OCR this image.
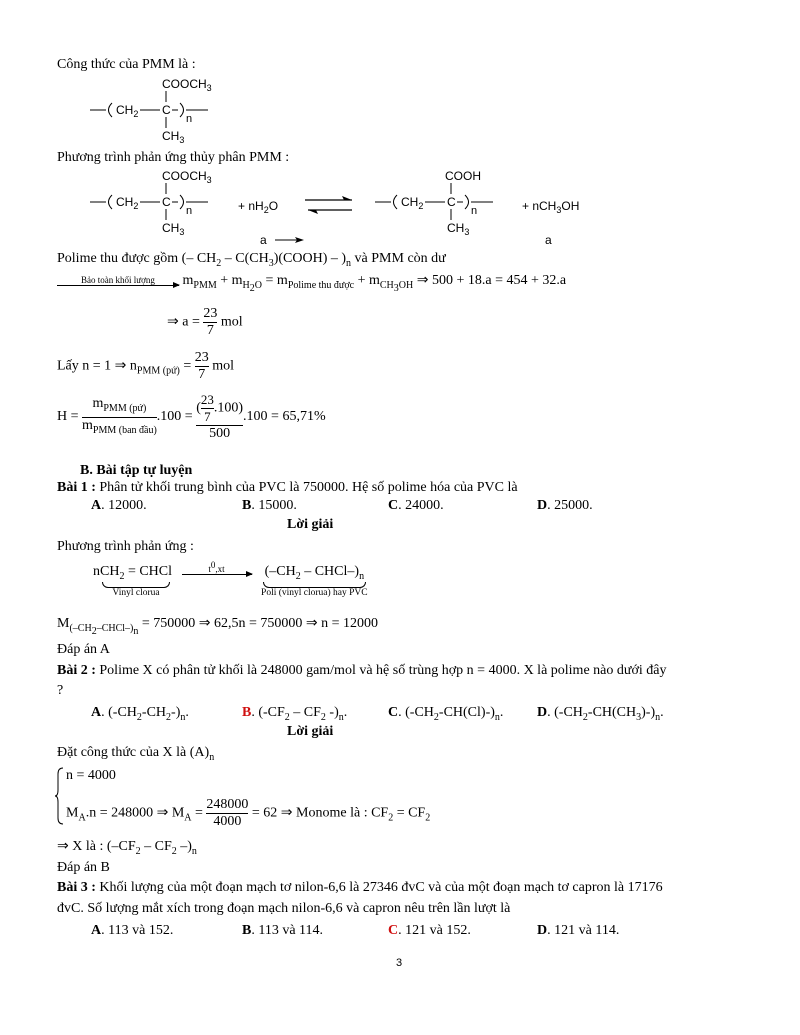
Công thức của PMM là :
$COOCH_3$
$CH_2$ C
n
$CH_3$
Phương trình phản ứng thủy phân PMM :
$COOCH_3$
$CH_2$ C
n
$CH_3$
+ $nH_2O$
COOH
$CH_2$ C
n
$CH_3$
+ nCH$_3$OH
a	a
Polime thu được gồm (– $CH_2$ – $C(CH_3)(COOH) - )_n$ và PMM còn dư
Bảo toàn khối lượng	$m_{PMM} + m_{H_2O} = m_{Polime thu được} + m_{CH_3OH}$ ⇒ 500 + 18.a = 454 + 32.a
⇒ $a = \frac{23}{7}$ mol
Lấy n = 1 ⇒ $n_{PMM (pứ)} = \frac{23}{7}$ mol
$H = \frac{m_{PMM (pứ)}}{m_{PMM (ban đầu)}} .100 = \frac{( \frac{23}{7} .100)}{500} .100 = 65,71\%$
B. Bài tập tự luyện
Bài 1 : Phân tử khối trung bình của PVC là 750000. Hệ số polime hóa của PVC là
A. 12000.	B. 15000.	C. 24000.	D. 25000.
Lời giải
Phương trình phản ứng :
nCH$_2$ = CHCl
Vinyl clorua

$t^0,xt$	($-CH_2$ – CHCl–)$_n$
Poli (vinyl clorua) hay PVC
$M_{(-CH_2-CHCl-)_n} = 750000$ ⇒ 62,5n = 750000 ⇒ n = 12000
Đáp án A
Bài 2 : Polime X có phân tử khối là 248000 gam/mol và hệ số trùng hợp n = 4000. X là polime nào dưới đây
?
A. $(-CH_2-CH_2-)_n$.	B. ($-CF_2 - CF_2$ $-)_n$.	C. $(-CH_2-CH(Cl)-)_n$. D. $(-CH_2-CH(CH_3)-)_n$.
Lời giải
Đặt công thức của X là $(A)_n$
n = 4000
$M_A.n = 248000$ ⇒ $M_A = \frac{248000}{4000} = 62$ ⇒ Monome là : $CF_2 = CF_2$
⇒ X là : ($-CF_2 - CF_2$ $-)_n$
Đáp án B
Bài 3 : Khối lượng của một đoạn mạch tơ nilon-6,6 là 27346 đvC và của một đoạn mạch tơ capron là 17176
đvC. Số lượng mắt xích trong đoạn mạch nilon-6,6 và capron nêu trên lần lượt là
A. 113 và 152.	B. 113 và 114.	C. 121 và 152.	D. 121 và 114.
3
